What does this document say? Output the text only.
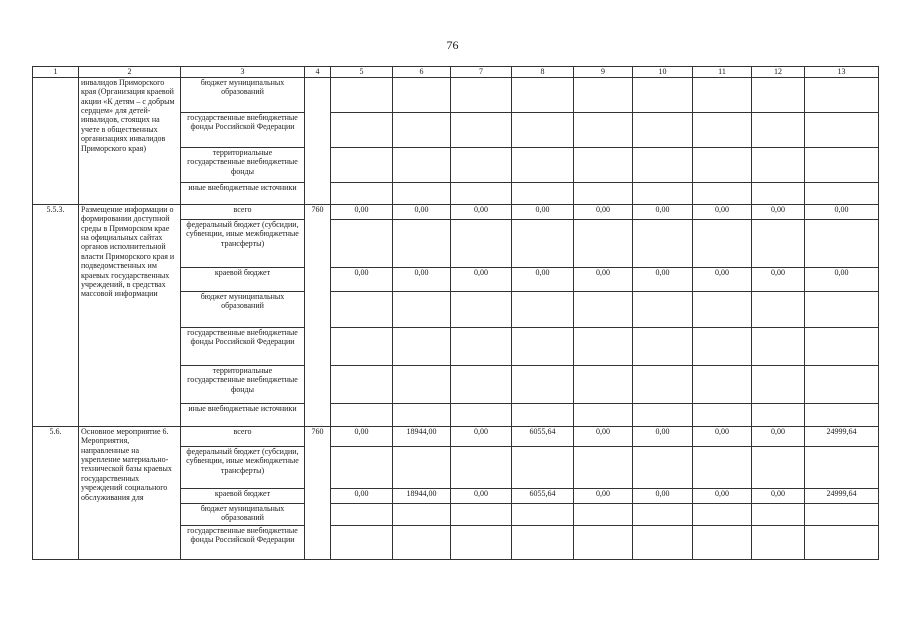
76
1	2	3	4	5	6	7	8	9	10	11	12	13
	инвалидов Приморского края (Организация краевой акции «К детям – с добрым сердцем» для детей-инвалидов, стоящих на учете в общественных организациях инвалидов Приморского края)	бюджет муниципальных образований										
		государственные внебюджетные фонды Российской Федерации										
		территориальные государственные внебюджетные фонды										
		иные внебюджетные источники										
5.5.3.	Размещение информации о формировании доступной среды в Приморском крае на официальных сайтах органов исполнительной власти Приморского края и подведомственных им краевых государственных учреждений, в средствах массовой информации	всего	760	0,00	0,00	0,00	0,00	0,00	0,00	0,00	0,00	0,00
		федеральный бюджет (субсидии, субвенции, иные межбюджетные трансферты)										
		краевой бюджет		0,00	0,00	0,00	0,00	0,00	0,00	0,00	0,00	0,00
		бюджет муниципальных образований										
		государственные внебюджетные фонды Российской Федерации										
		территориальные государственные внебюджетные фонды										
		иные внебюджетные источники										
5.6.	Основное мероприятие 6. Мероприятия, направленные на укрепление материально-технической базы краевых государственных учреждений социального обслуживания для	всего	760	0,00	18944,00	0,00	6055,64	0,00	0,00	0,00	0,00	24999,64
		федеральный бюджет (субсидии, субвенции, иные межбюджетные трансферты)										
		краевой бюджет		0,00	18944,00	0,00	6055,64	0,00	0,00	0,00	0,00	24999,64
		бюджет муниципальных образований										
		государственные внебюджетные фонды Российской Федерации										
